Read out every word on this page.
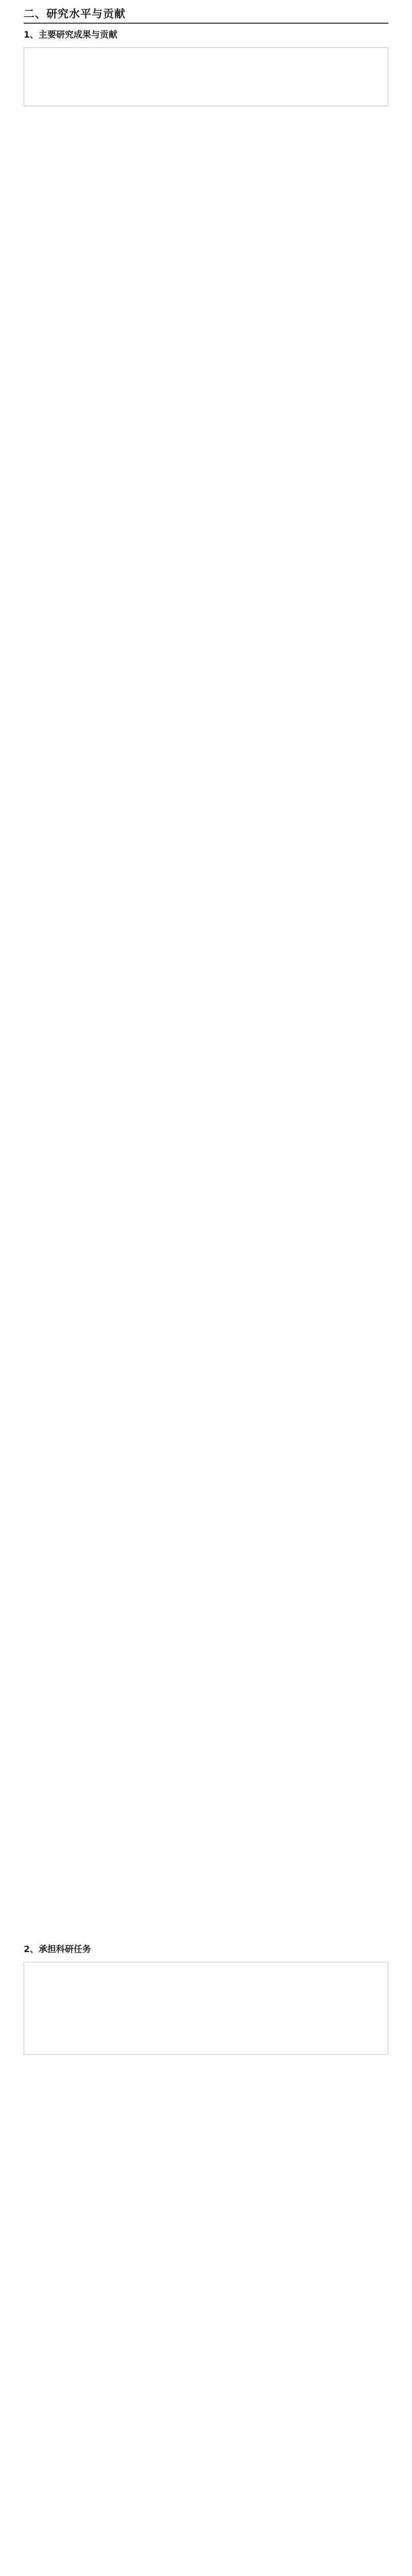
二、研究水平与贡献
1、主要研究成果与贡献

2、承担科研任务
